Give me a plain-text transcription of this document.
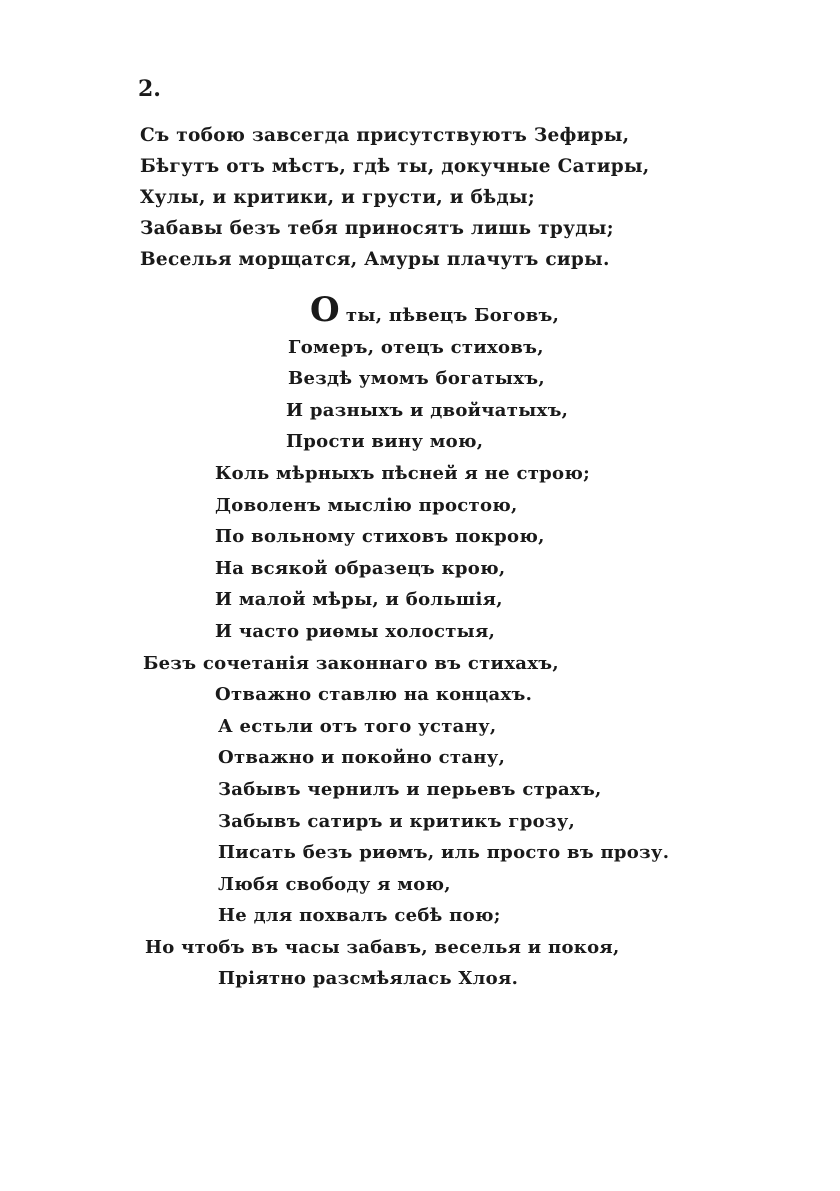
2.
Съ тобою завсегда присутствуютъ Зефиры,
Бѣгутъ отъ мѣстъ, гдѣ ты, докучные Сатиры,
Хулы, и критики, и грусти, и бѣды;
Забавы безъ тебя приносятъ лишь труды;
Веселья морщатся, Амуры плачутъ сиры.
Оты, пѣвецъ Боговъ,
Гомеръ, отецъ стиховъ,
Вездѣ умомъ богатыхъ,
И разныхъ и двойчатыхъ,
Прости вину мою,
Коль мѣрныхъ пѣсней я не строю;
Доволенъ мыслію простою,
По вольному стиховъ покрою,
На всякой образецъ крою,
И малой мѣры, и большія,
И часто риѳмы холостыя,
Безъ сочетанія законнаго въ стихахъ,
Отважно ставлю на концахъ.
А естьли отъ того устану,
Отважно и покойно стану,
Забывъ чернилъ и перьевъ страхъ,
Забывъ сатиръ и критикъ грозу,
Писать безъ риѳмъ, иль просто въ прозу.
Любя свободу я мою,
Не для похвалъ себѣ пою;
Но чтобъ въ часы забавъ, веселья и покоя,
Пріятно разсмѣялась Хлоя.
